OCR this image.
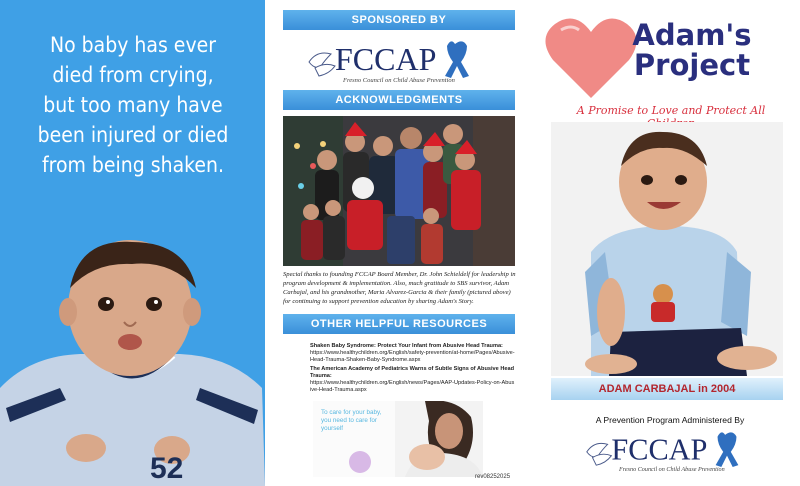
No baby has ever
died from crying,
but too many have
been injured or died
from being shaken.
52
SPONSORED BY
FCCAP
Fresno Council on Child Abuse Prevention
ACKNOWLEDGMENTS
Special thanks to founding FCCAP Board Member, Dr. John Schieldelf for leadership in program development & implementation. Also, much gratitude to SBS survivor, Adam Carbajal, and his grandmother, Maria Alvarez-Garcia & their family (pictured above) for continuing to support prevention education by sharing Adam's Story.
OTHER HELPFUL RESOURCES
Shaken Baby Syndrome: Protect Your Infant from Abusive Head Trauma:
https://www.healthychildren.org/English/safety-prevention/at-home/Pages/Abusive-Head-Trauma-Shaken-Baby-Syndrome.aspx
The American Academy of Pediatrics Warns of Subtle Signs of Abusive Head Trauma:
https://www.healthychildren.org/English/news/Pages/AAP-Updates-Policy-on-Abusive-Head-Trauma.aspx
To care for your baby, you need to care for yourself
rev08252025
Adam's
Project
A Promise to Love and Protect All
ADAM CARBAJAL in 2004
A Prevention Program Administered By
FCCAP
Fresno Council on Child Abuse Prevention
